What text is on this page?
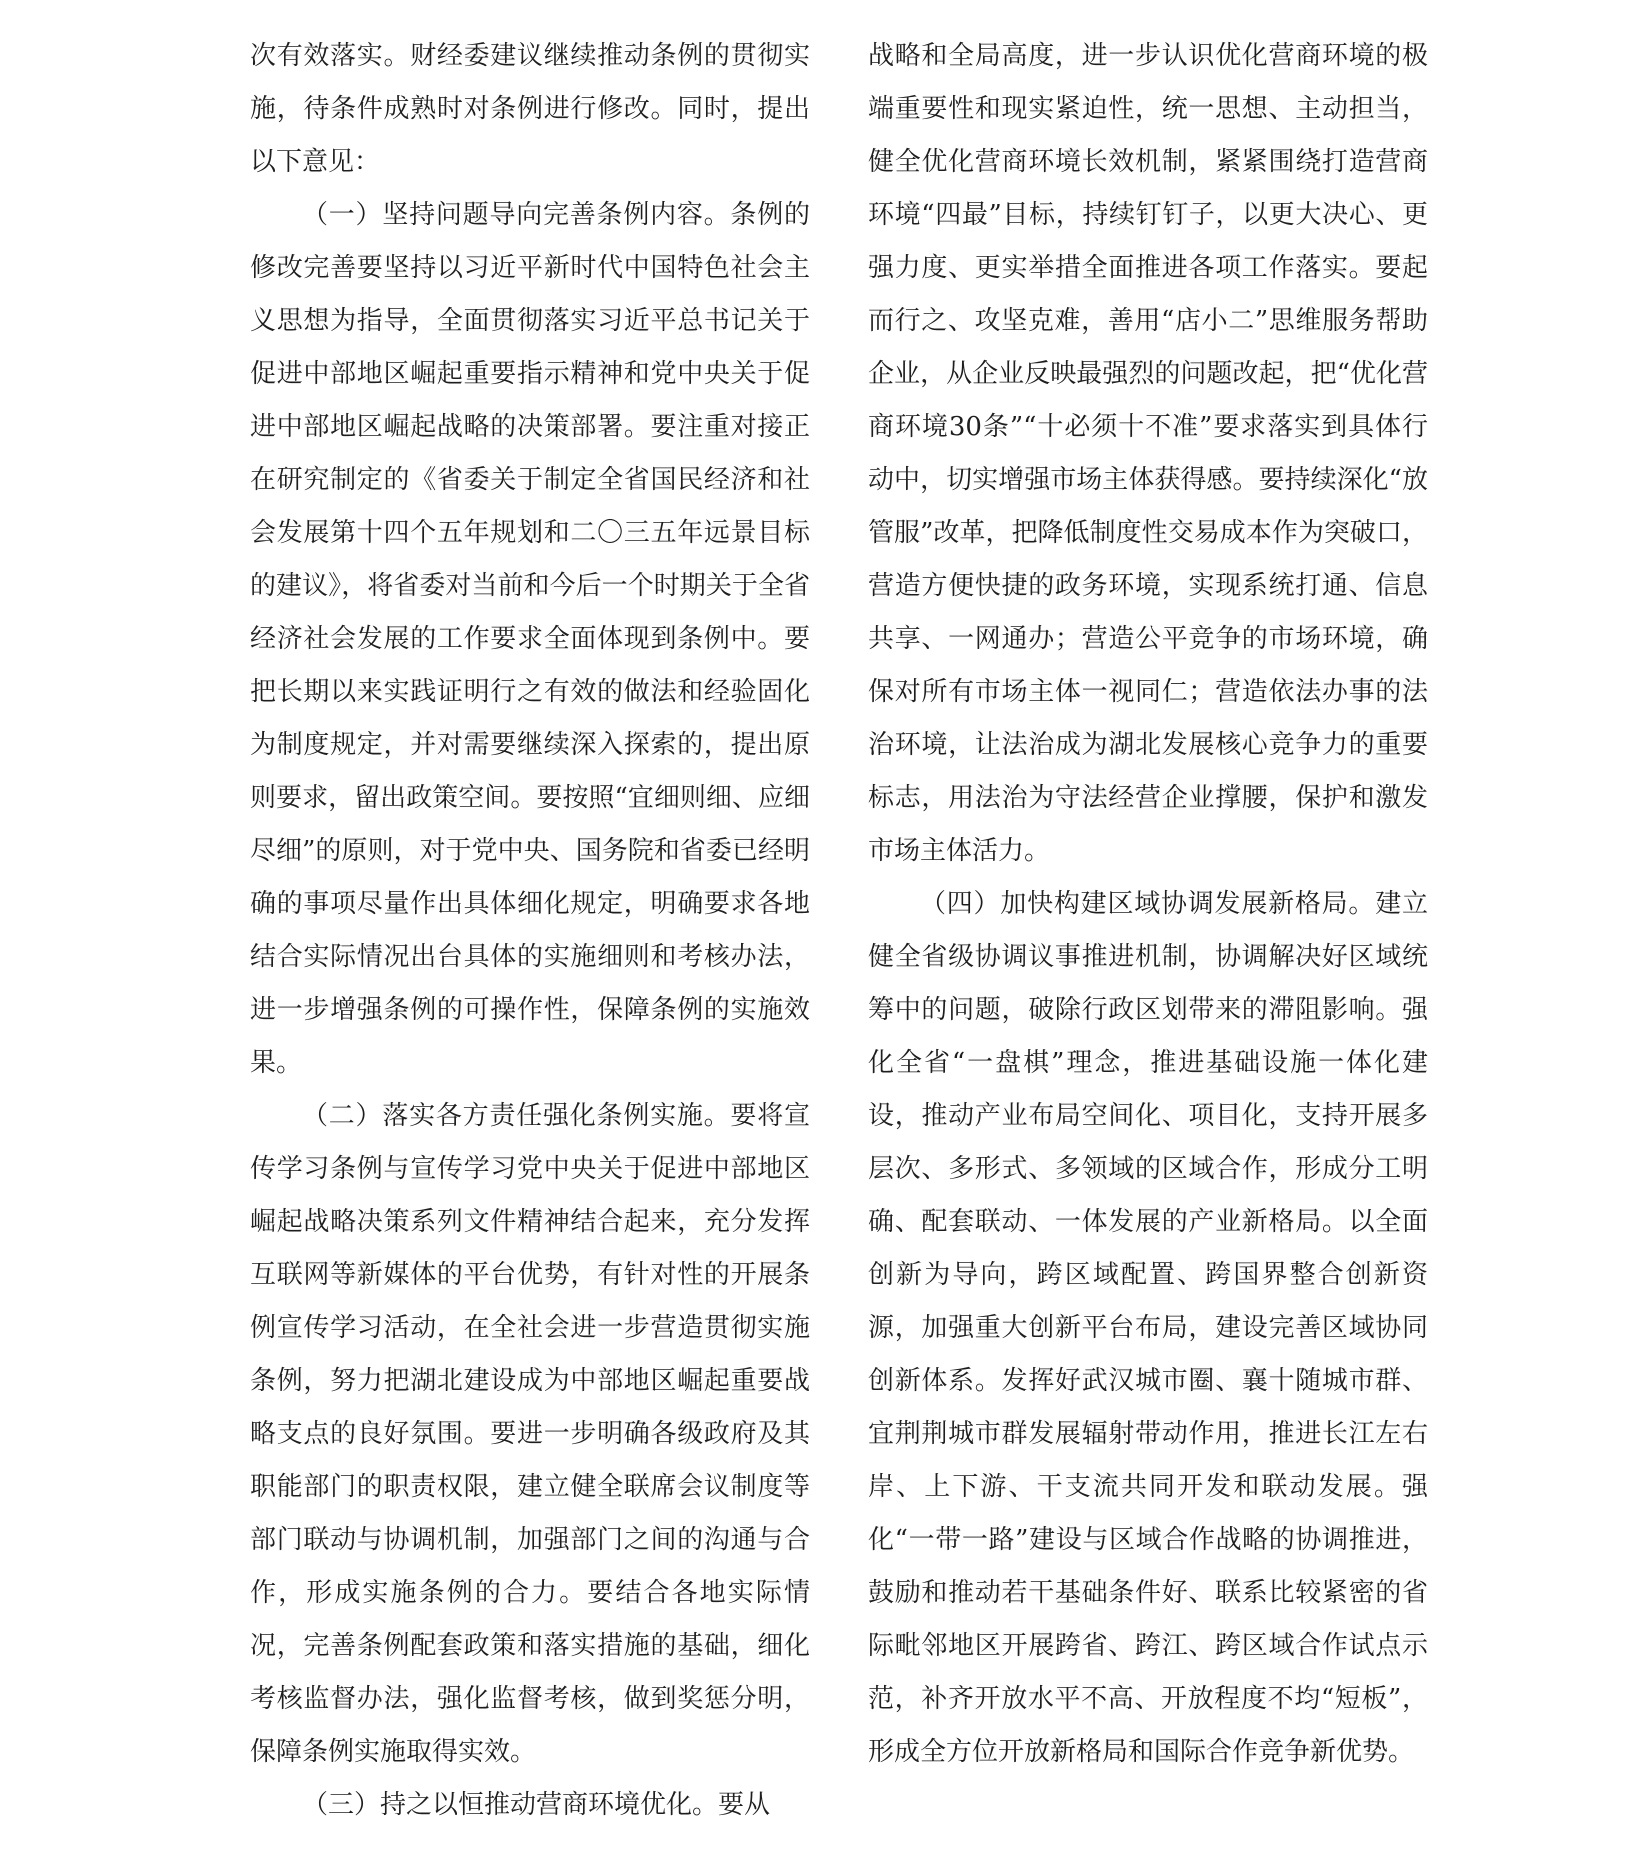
次有效落实。财经委建议继续推动条例的贯彻实施，待条件成熟时对条例进行修改。同时，提出以下意见：

（一）坚持问题导向完善条例内容。条例的修改完善要坚持以习近平新时代中国特色社会主义思想为指导，全面贯彻落实习近平总书记关于促进中部地区崛起重要指示精神和党中央关于促进中部地区崛起战略的决策部署。要注重对接正在研究制定的《省委关于制定全省国民经济和社会发展第十四个五年规划和二〇三五年远景目标的建议》，将省委对当前和今后一个时期关于全省经济社会发展的工作要求全面体现到条例中。要把长期以来实践证明行之有效的做法和经验固化为制度规定，并对需要继续深入探索的，提出原则要求，留出政策空间。要按照“宜细则细、应细尽细”的原则，对于党中央、国务院和省委已经明确的事项尽量作出具体细化规定，明确要求各地结合实际情况出台具体的实施细则和考核办法，进一步增强条例的可操作性，保障条例的实施效果。

（二）落实各方责任强化条例实施。要将宣传学习条例与宣传学习党中央关于促进中部地区崛起战略决策系列文件精神结合起来，充分发挥互联网等新媒体的平台优势，有针对性的开展条例宣传学习活动，在全社会进一步营造贯彻实施条例，努力把湖北建设成为中部地区崛起重要战略支点的良好氛围。要进一步明确各级政府及其职能部门的职责权限，建立健全联席会议制度等部门联动与协调机制，加强部门之间的沟通与合作，形成实施条例的合力。要结合各地实际情况，完善条例配套政策和落实措施的基础，细化考核监督办法，强化监督考核，做到奖惩分明，保障条例实施取得实效。

（三）持之以恒推动营商环境优化。要从

战略和全局高度，进一步认识优化营商环境的极端重要性和现实紧迫性，统一思想、主动担当，健全优化营商环境长效机制，紧紧围绕打造营商环境“四最”目标，持续钉钉子，以更大决心、更强力度、更实举措全面推进各项工作落实。要起而行之、攻坚克难，善用“店小二”思维服务帮助企业，从企业反映最强烈的问题改起，把“优化营商环境30条”“十必须十不准”要求落实到具体行动中，切实增强市场主体获得感。要持续深化“放管服”改革，把降低制度性交易成本作为突破口，营造方便快捷的政务环境，实现系统打通、信息共享、一网通办；营造公平竞争的市场环境，确保对所有市场主体一视同仁；营造依法办事的法治环境，让法治成为湖北发展核心竞争力的重要标志，用法治为守法经营企业撑腰，保护和激发市场主体活力。

（四）加快构建区域协调发展新格局。建立健全省级协调议事推进机制，协调解决好区域统筹中的问题，破除行政区划带来的滞阻影响。强化全省“一盘棋”理念，推进基础设施一体化建设，推动产业布局空间化、项目化，支持开展多层次、多形式、多领域的区域合作，形成分工明确、配套联动、一体发展的产业新格局。以全面创新为导向，跨区域配置、跨国界整合创新资源，加强重大创新平台布局，建设完善区域协同创新体系。发挥好武汉城市圈、襄十随城市群、宜荆荆城市群发展辐射带动作用，推进长江左右岸、上下游、干支流共同开发和联动发展。强化“一带一路”建设与区域合作战略的协调推进，鼓励和推动若干基础条件好、联系比较紧密的省际毗邻地区开展跨省、跨江、跨区域合作试点示范，补齐开放水平不高、开放程度不均“短板”，形成全方位开放新格局和国际合作竞争新优势。
